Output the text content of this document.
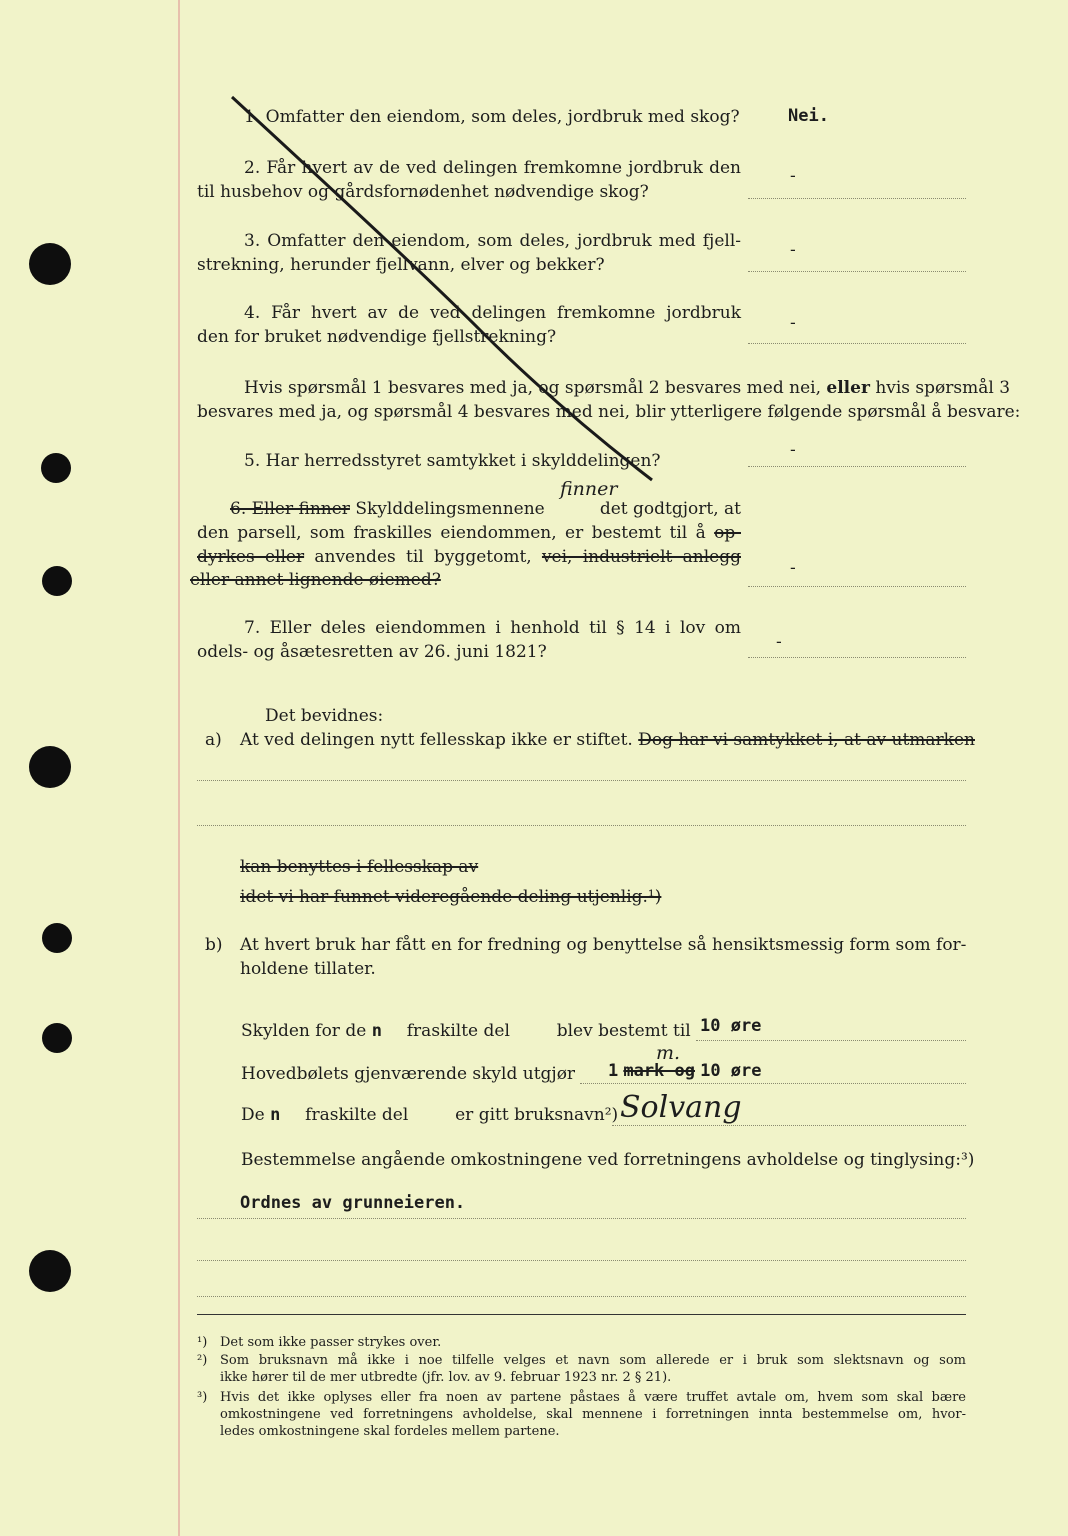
1. Omfatter den eiendom, som deles, jordbruk med skog?	Nei.
2. Får hvert av de ved delingen fremkomne jordbruk den
til husbehov og gårdsfornødenhet nødvendige skog?
-
3. Omfatter den eiendom, som deles, jordbruk med fjell-
strekning, herunder fjellvann, elver og bekker?
-
4. Får hvert av de ved delingen fremkomne jordbruk
den for bruket nødvendige fjellstrekning?
-
Hvis spørsmål 1 besvares med ja, og spørsmål 2 besvares med nei, eller hvis spørsmål 3
besvares med ja, og spørsmål 4 besvares med nei, blir ytterligere følgende spørsmål å besvare:
5. Har herredsstyret samtykket i skylddelingen?
-
finner
6. Eller finner Skylddelingsmennene	det godtgjort, at
den parsell, som fraskilles eiendommen, er bestemt til å op-
dyrkes eller anvendes til byggetomt, vei, industrielt anlegg
eller annet lignende øiemed?
-
7. Eller deles eiendommen i henhold til § 14 i lov om
odels- og åsætesretten av 26. juni 1821?	-
Det bevidnes:
a) At ved delingen nytt fellesskap ikke er stiftet. Dog har vi samtykket i, at av utmarken
kan benyttes i fellesskap av
idet vi har funnet videregående deling utjenlig.¹)
b) At hvert bruk har fått en for fredning og benyttelse så hensiktsmessig form som for-
holdene tillater.
Skylden for de n fraskilte del	blev bestemt til 10 øre
Hovedbølets gjenværende skyld utgjør
m.
1 mark og 10 øre
De n fraskilte del	er gitt bruksnavn²) Solvang
Bestemmelse angående omkostningene ved forretningens avholdelse og tinglysing:³)
Ordnes av grunneieren.
¹) Det som ikke passer strykes over.
²) Som bruksnavn må ikke i noe tilfelle velges et navn som allerede er i bruk som slektsnavn og som
ikke hører til de mer utbredte (jfr. lov. av 9. februar 1923 nr. 2 § 21).
³) Hvis det ikke oplyses eller fra noen av partene påstaes å være truffet avtale om, hvem som skal bære
omkostningene ved forretningens avholdelse, skal mennene i forretningen innta bestemmelse om, hvor-
ledes omkostningene skal fordeles mellem partene.
